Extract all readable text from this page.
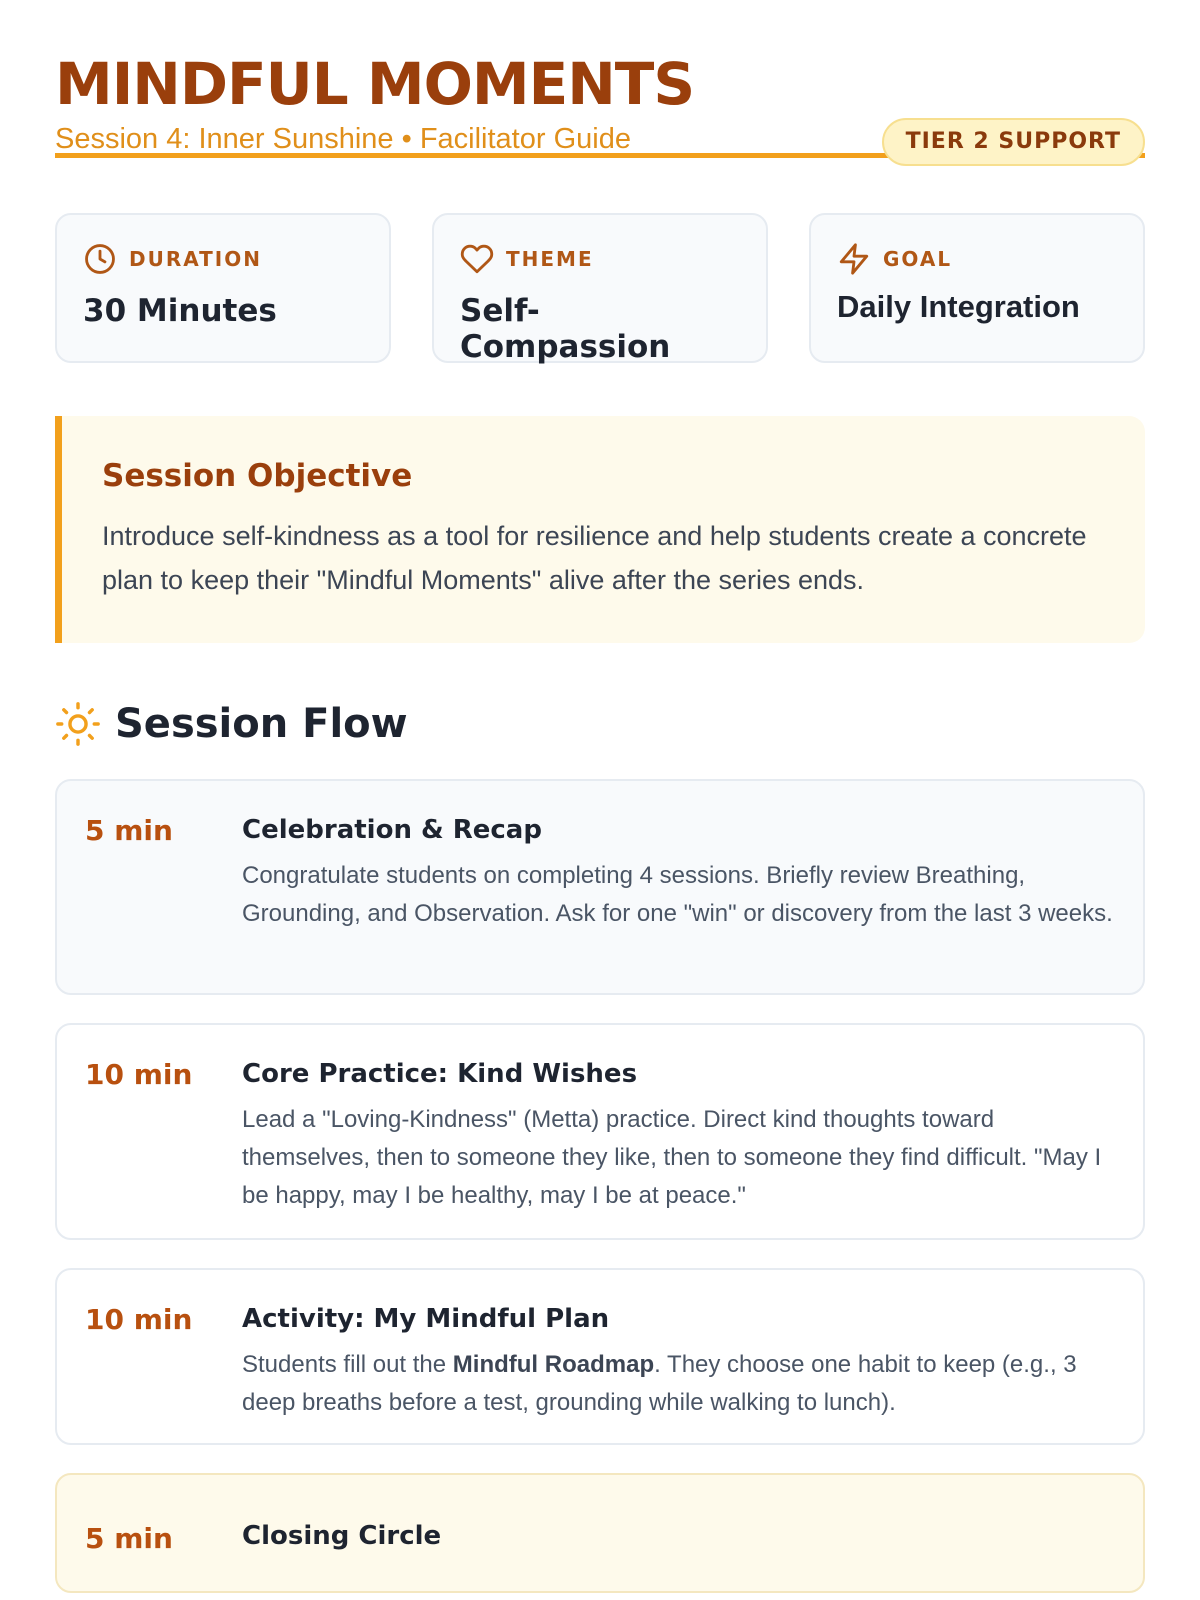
MINDFUL MOMENTS
Session 4: Inner Sunshine • Facilitator Guide	TIER 2 SUPPORT
DURATION
30 Minutes
THEME
Self-Compassion
GOAL
Daily Integration
Session Objective
Introduce self-kindness as a tool for resilience and help students create a concrete plan to keep their "Mindful Moments" alive after the series ends.
Session Flow
5 min	Celebration & Recap
Congratulate students on completing 4 sessions. Briefly review Breathing, Grounding, and Observation. Ask for one "win" or discovery from the last 3 weeks.
10 min	Core Practice: Kind Wishes
Lead a "Loving-Kindness" (Metta) practice. Direct kind thoughts toward themselves, then to someone they like, then to someone they find difficult. "May I be happy, may I be healthy, may I be at peace."
10 min	Activity: My Mindful Plan
Students fill out the Mindful Roadmap. They choose one habit to keep (e.g., 3 deep breaths before a test, grounding while walking to lunch).
5 min	Closing Circle
